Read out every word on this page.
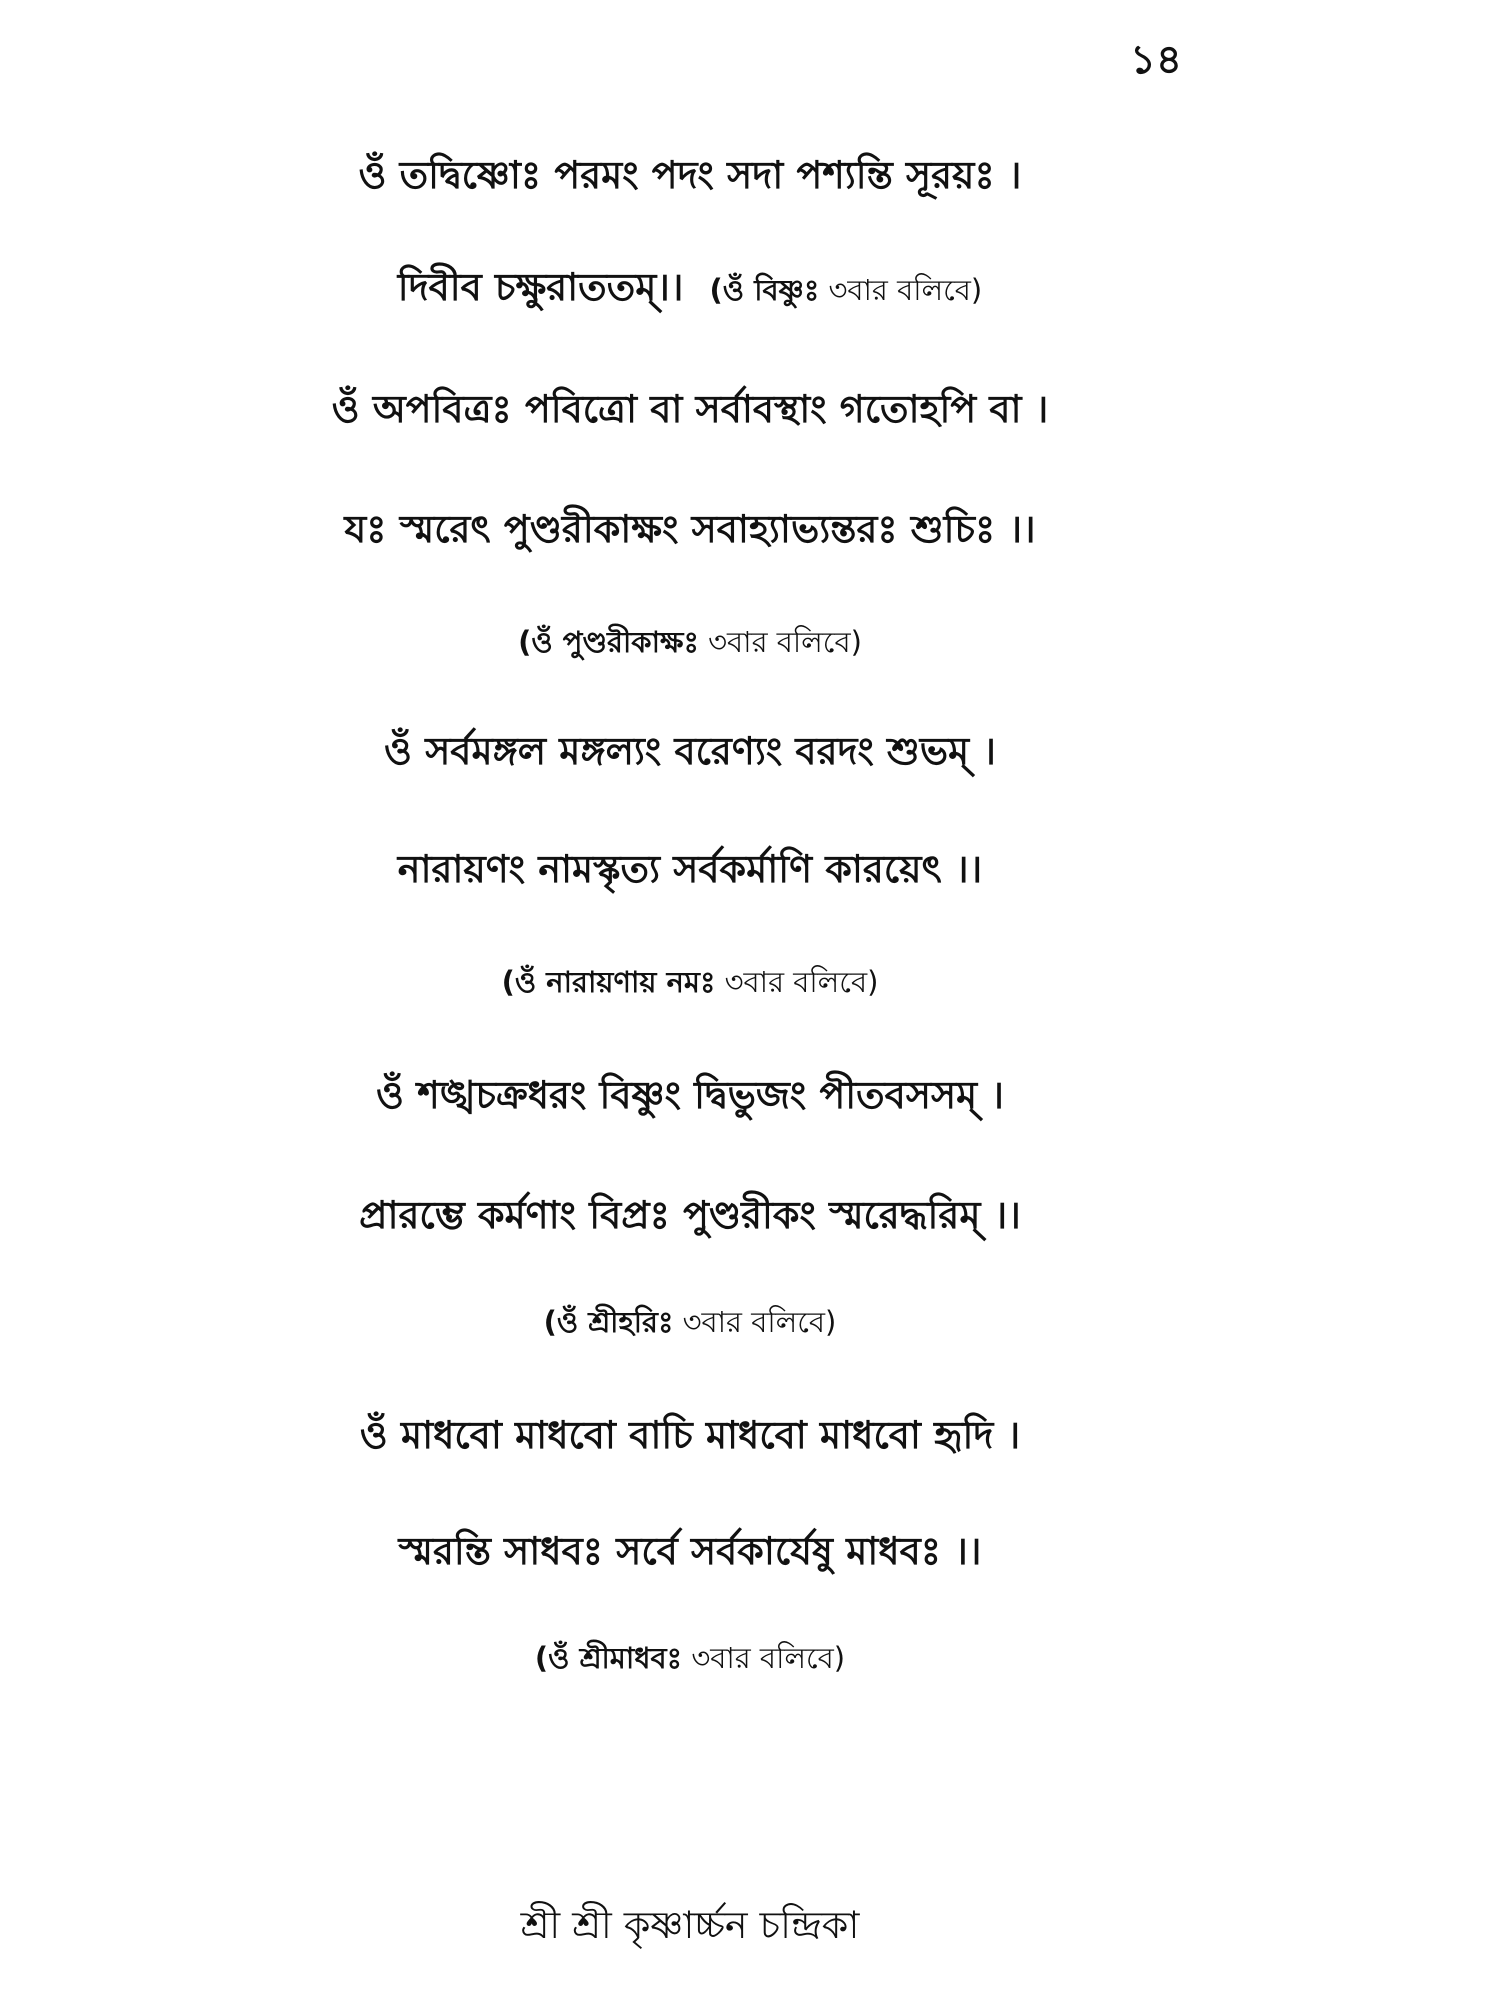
১৪
ওঁ তদ্বিষ্ণোঃ পরমং পদং সদা পশ্যন্তি সূরয়ঃ ।
দিবীব চক্ষুরাততম্।। (ওঁ বিষ্ণুঃ ৩বার বলিবে)
ওঁ অপবিত্রঃ পবিত্রো বা সর্বাবস্থাং গতোহপি বা ।
যঃ স্মরেৎ পুণ্ডরীকাক্ষং সবাহ্যাভ্যন্তরঃ শুচিঃ ।।
(ওঁ পুণ্ডরীকাক্ষঃ ৩বার বলিবে)
ওঁ সর্বমঙ্গল মঙ্গল্যং বরেণ্যং বরদং শুভম্ ।
নারায়ণং নামস্কৃত্য সর্বকর্মাণি কারয়েৎ ।।
(ওঁ নারায়ণায় নমঃ ৩বার বলিবে)
ওঁ শঙ্খচক্রধরং বিষ্ণুং দ্বিভুজং পীতবসসম্ ।
প্রারম্ভে কর্মণাং বিপ্রঃ পুণ্ডরীকং স্মরেদ্ধরিম্ ।।
(ওঁ শ্রীহরিঃ ৩বার বলিবে)
ওঁ মাধবো মাধবো বাচি মাধবো মাধবো হৃদি ।
স্মরন্তি সাধবঃ সর্বে সর্বকার্যেষু মাধবঃ ।।
(ওঁ শ্রীমাধবঃ ৩বার বলিবে)
শ্রী শ্রী কৃষ্ণার্চ্চন চন্দ্রিকা
